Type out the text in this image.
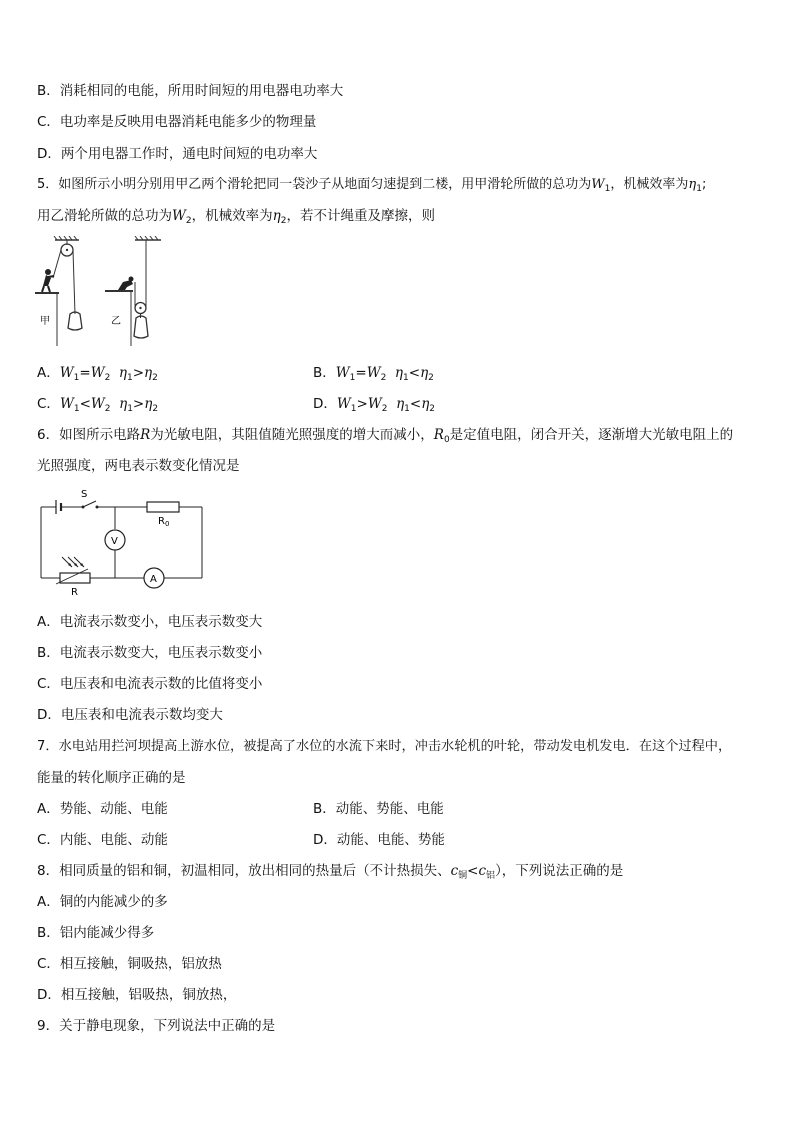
B．消耗相同的电能，所用时间短的用电器电功率大
C．电功率是反映用电器消耗电能多少的物理量
D．两个用电器工作时，通电时间短的电功率大
5．如图所示小明分别用甲乙两个滑轮把同一袋沙子从地面匀速提到二楼，用甲滑轮所做的总功为$W_1$，机械效率为$\eta_1$;
用乙滑轮所做的总功为$W_2$，机械效率为$\eta_2$，若不计绳重及摩擦，则
甲	乙
A．$W_1=W_2$ $\eta_1>\eta_2$	B．$W_1=W_2$ $\eta_1<\eta_2$
C．$W_1<W_2$ $\eta_1>\eta_2$	D．$W_1>W_2$ $\eta_1<\eta_2$
6．如图所示电路R为光敏电阻，其阻值随光照强度的增大而减小，$R_0$是定值电阻，闭合开关，逐渐增大光敏电阻上的
光照强度，两电表示数变化情况是
S
$R_0$
R
V
A
A．电流表示数变小，电压表示数变大
B．电流表示数变大，电压表示数变小
C．电压表和电流表示数的比值将变小
D．电压表和电流表示数均变大
7．水电站用拦河坝提高上游水位，被提高了水位的水流下来时，冲击水轮机的叶轮，带动发电机发电．在这个过程中，
能量的转化顺序正确的是
A．势能、动能、电能	B．动能、势能、电能
C．内能、电能、动能	D．动能、电能、势能
8．相同质量的铝和铜，初温相同，放出相同的热量后（不计热损失、$c_铜<c_铝$），下列说法正确的是
A．铜的内能减少的多
B．铝内能减少得多
C．相互接触，铜吸热，铝放热
D．相互接触，铝吸热，铜放热，
9．关于静电现象，下列说法中正确的是
